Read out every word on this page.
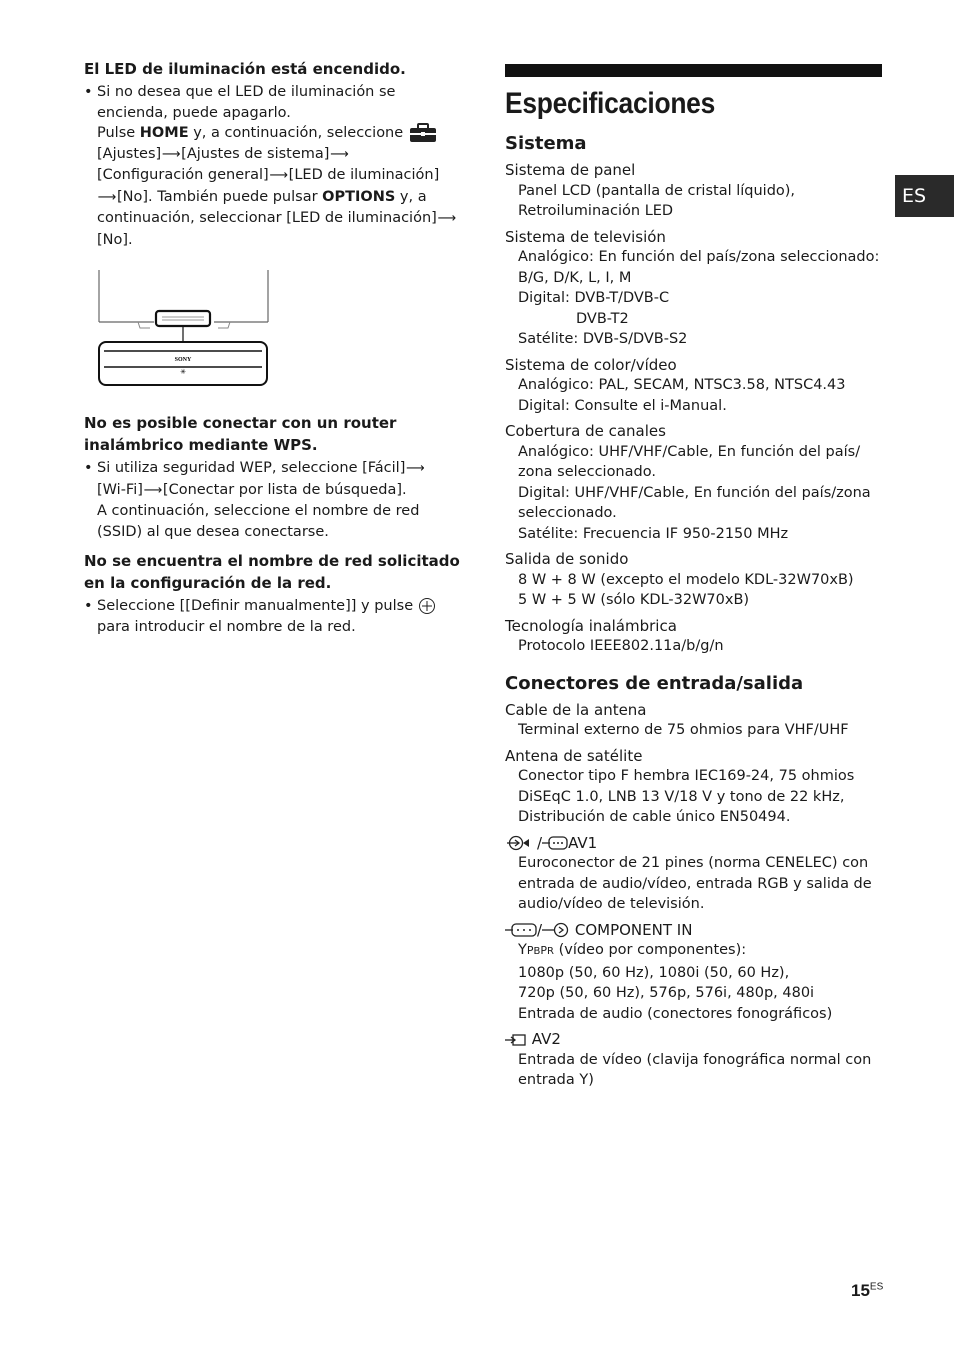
El LED de iluminación está encendido.

• Si no desea que el LED de iluminación se encienda, puede apagarlo.
Pulse HOME y, a continuación, seleccione
[Ajustes]⟶[Ajustes de sistema]⟶
[Configuración general]⟶[LED de iluminación]
⟶[No]. También puede pulsar OPTIONS y, a
continuación, seleccionar [LED de iluminación]⟶
[No].
SONY
✳

No es posible conectar con un router inalámbrico mediante WPS.

• Si utiliza seguridad WEP, seleccione [Fácil]⟶
[Wi-Fi]⟶[Conectar por lista de búsqueda].
A continuación, seleccione el nombre de red (SSID) al que desea conectarse.

No se encuentra el nombre de red solicitado en la configuración de la red.

• Seleccione [[Definir manualmente]] y pulse
para introducir el nombre de la red.

Especificaciones

Sistema

Sistema de panel

Panel LCD (pantalla de cristal líquido), Retroiluminación LED

Sistema de televisión

Analógico: En función del país/zona seleccionado: B/G, D/K, L, I, M

Digital: DVB-T/DVB-C

DVB-T2

Satélite: DVB-S/DVB-S2

Sistema de color/vídeo

Analógico: PAL, SECAM, NTSC3.58, NTSC4.43

Digital: Consulte el i-Manual.

Cobertura de canales

Analógico: UHF/VHF/Cable, En función del país/ zona seleccionado.

Digital: UHF/VHF/Cable, En función del país/zona seleccionado.

Satélite: Frecuencia IF 950-2150 MHz

Salida de sonido

8 W + 8 W (excepto el modelo KDL-32W70xB)

5 W + 5 W (sólo KDL-32W70xB)

Tecnología inalámbrica

Protocolo IEEE802.11a/b/g/n

Conectores de entrada/salida

Cable de la antena

Terminal externo de 75 ohmios para VHF/UHF

Antena de satélite

Conector tipo F hembra IEC169-24, 75 ohmios

DiSEqC 1.0, LNB 13 V/18 V y tono de 22 kHz,

Distribución de cable único EN50494.

/ AV1

Euroconector de 21 pines (norma CENELEC) con entrada de audio/vídeo, entrada RGB y salida de audio/vídeo de televisión.

/ COMPONENT IN

YPBPR (vídeo por componentes):

1080p (50, 60 Hz), 1080i (50, 60 Hz),

720p (50, 60 Hz), 576p, 576i, 480p, 480i

Entrada de audio (conectores fonográficos)

AV2

Entrada de vídeo (clavija fonográfica normal con entrada Y)

ES
$15^{ES}$
